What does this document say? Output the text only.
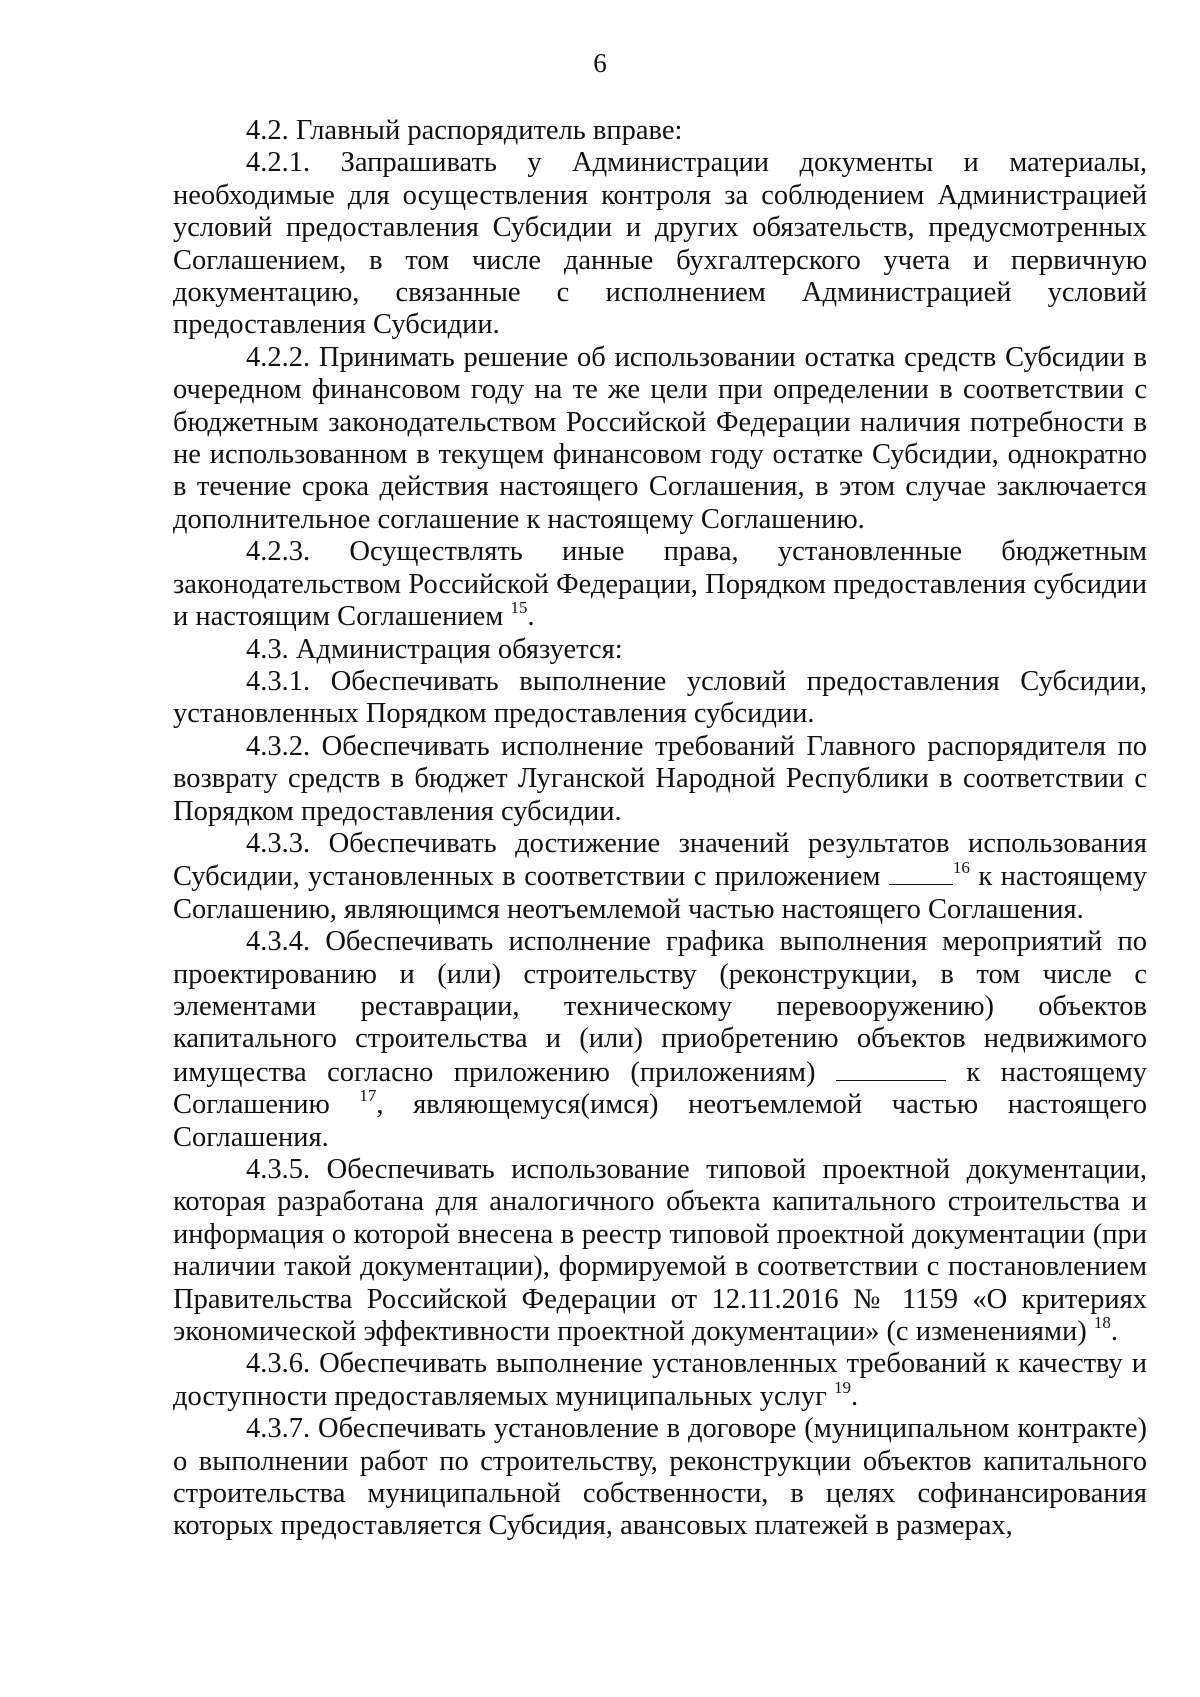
6

4.2. Главный распорядитель вправе:

4.2.1. Запрашивать у Администрации документы и материалы, необходимые для осуществления контроля за соблюдением Администрацией условий предоставления Субсидии и других обязательств, предусмотренных Соглашением, в том числе данные бухгалтерского учета и первичную документацию, связанные с исполнением Администрацией условий предоставления Субсидии.

4.2.2. Принимать решение об использовании остатка средств Субсидии в очередном финансовом году на те же цели при определении в соответствии с бюджетным законодательством Российской Федерации наличия потребности в не использованном в текущем финансовом году остатке Субсидии, однократно в течение срока действия настоящего Соглашения, в этом случае заключается дополнительное соглашение к настоящему Соглашению.

4.2.3. Осуществлять иные права, установленные бюджетным законодательством Российской Федерации, Порядком предоставления субсидии и настоящим Соглашением $^{15}$.

4.3. Администрация обязуется:

4.3.1. Обеспечивать выполнение условий предоставления Субсидии, установленных Порядком предоставления субсидии.

4.3.2. Обеспечивать исполнение требований Главного распорядителя по возврату средств в бюджет Луганской Народной Республики в соответствии с Порядком предоставления субсидии.

4.3.3. Обеспечивать достижение значений результатов использования Субсидии, установленных в соответствии с приложением	$^{16}$ к настоящему Соглашению, являющимся неотъемлемой частью настоящего Соглашения.

4.3.4. Обеспечивать исполнение графика выполнения мероприятий по проектированию и (или) строительству (реконструкции, в том числе с элементами реставрации, техническому перевооружению) объектов капитального строительства и (или) приобретению объектов недвижимого имущества согласно приложению (приложениям)	к настоящему Соглашению $^{17}$, являющемуся(имся) неотъемлемой частью настоящего Соглашения.

4.3.5. Обеспечивать использование типовой проектной документации, которая разработана для аналогичного объекта капитального строительства и информация о которой внесена в реестр типовой проектной документации (при наличии такой документации), формируемой в соответствии с постановлением Правительства Российской Федерации от 12.11.2016 № 1159 «О критериях экономической эффективности проектной документации» (с изменениями) $^{18}$.

4.3.6. Обеспечивать выполнение установленных требований к качеству и доступности предоставляемых муниципальных услуг $^{19}$.

4.3.7. Обеспечивать установление в договоре (муниципальном контракте) о выполнении работ по строительству, реконструкции объектов капитального строительства муниципальной собственности, в целях софинансирования которых предоставляется Субсидия, авансовых платежей в размерах,
